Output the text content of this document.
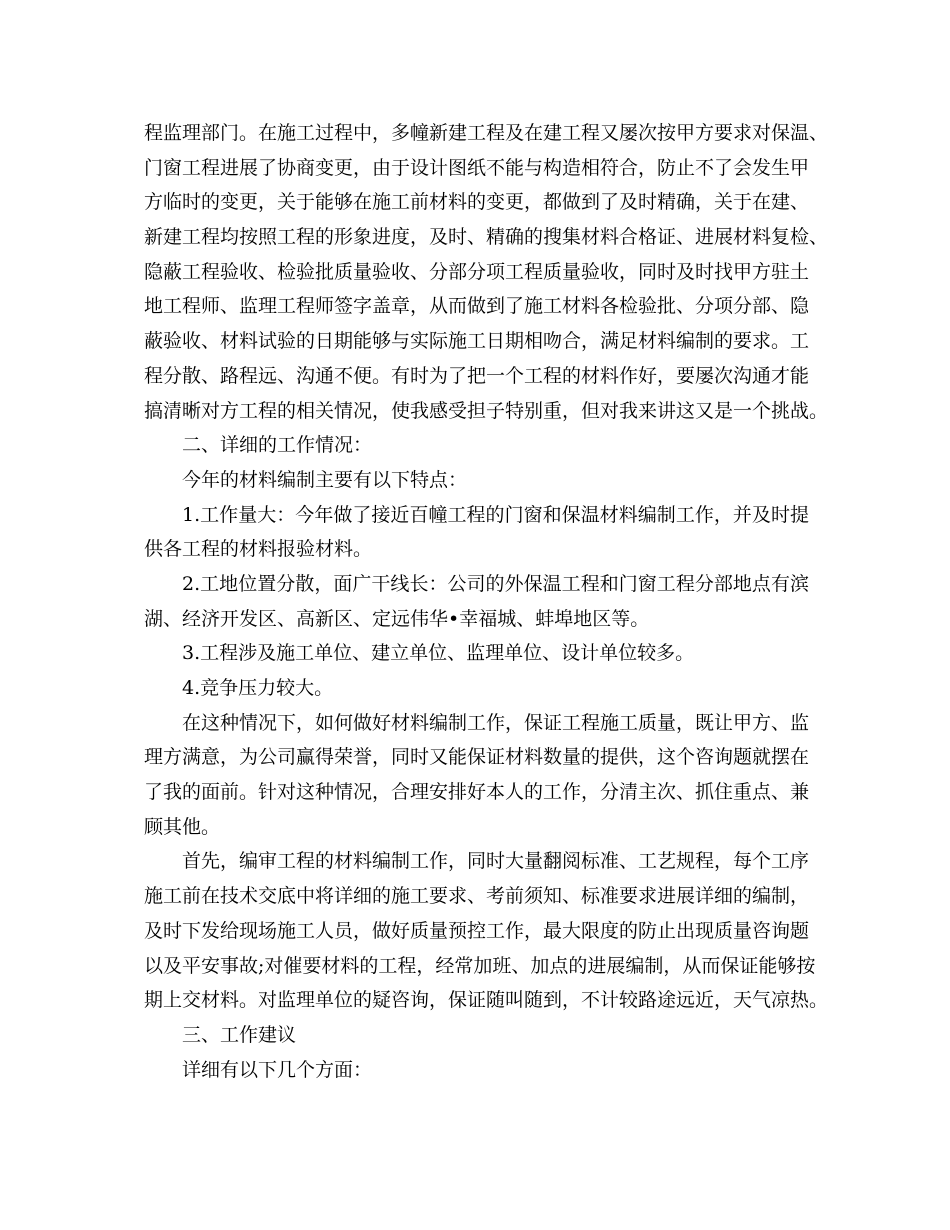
程监理部门。在施工过程中，多幢新建工程及在建工程又屡次按甲方要求对保温、
门窗工程进展了协商变更，由于设计图纸不能与构造相符合，防止不了会发生甲
方临时的变更，关于能够在施工前材料的变更，都做到了及时精确，关于在建、
新建工程均按照工程的形象进度，及时、精确的搜集材料合格证、进展材料复检、
隐蔽工程验收、检验批质量验收、分部分项工程质量验收，同时及时找甲方驻土
地工程师、监理工程师签字盖章，从而做到了施工材料各检验批、分项分部、隐
蔽验收、材料试验的日期能够与实际施工日期相吻合，满足材料编制的要求。工
程分散、路程远、沟通不便。有时为了把一个工程的材料作好，要屡次沟通才能
搞清晰对方工程的相关情况，使我感受担子特别重，但对我来讲这又是一个挑战。
二、详细的工作情况：
今年的材料编制主要有以下特点：
1.工作量大：今年做了接近百幢工程的门窗和保温材料编制工作，并及时提
供各工程的材料报验材料。
2.工地位置分散，面广干线长：公司的外保温工程和门窗工程分部地点有滨
湖、经济开发区、高新区、定远伟华•幸福城、蚌埠地区等。
3.工程涉及施工单位、建立单位、监理单位、设计单位较多。
4.竞争压力较大。
在这种情况下，如何做好材料编制工作，保证工程施工质量，既让甲方、监
理方满意，为公司赢得荣誉，同时又能保证材料数量的提供，这个咨询题就摆在
了我的面前。针对这种情况，合理安排好本人的工作，分清主次、抓住重点、兼
顾其他。
首先，编审工程的材料编制工作，同时大量翻阅标准、工艺规程，每个工序
施工前在技术交底中将详细的施工要求、考前须知、标准要求进展详细的编制，
及时下发给现场施工人员，做好质量预控工作，最大限度的防止出现质量咨询题
以及平安事故;对催要材料的工程，经常加班、加点的进展编制，从而保证能够按
期上交材料。对监理单位的疑咨询，保证随叫随到，不计较路途远近，天气凉热。
三、工作建议
详细有以下几个方面：
